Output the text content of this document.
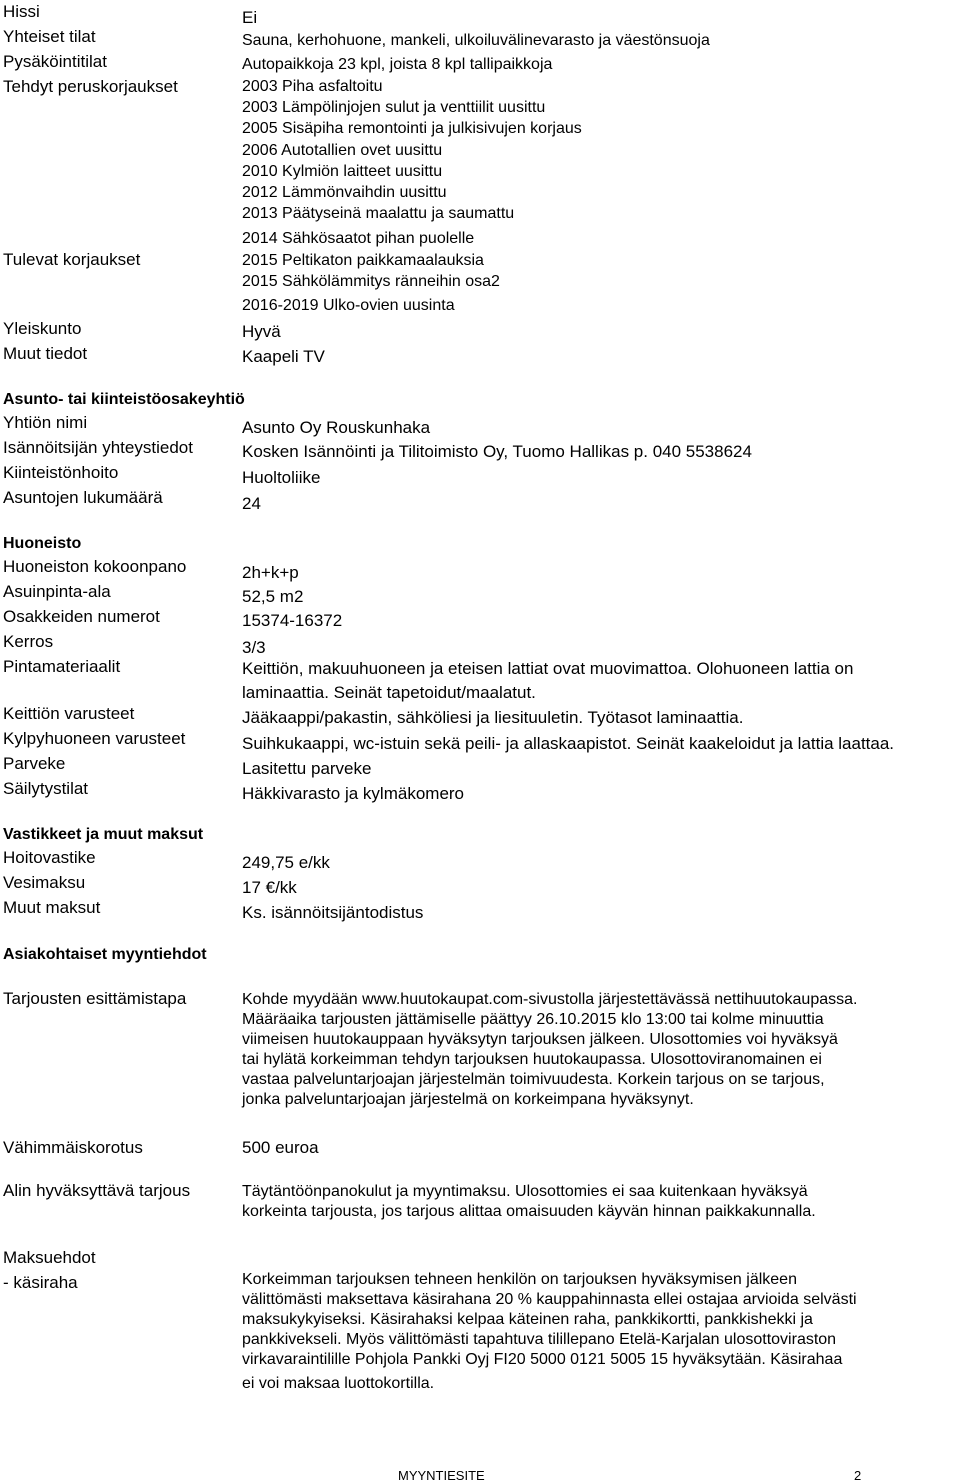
Hissi	Ei
Yhteiset tilat	Sauna, kerhohuone, mankeli, ulkoiluvälinevarasto ja väestönsuoja
Pysäköintitilat	Autopaikkoja 23 kpl, joista 8 kpl tallipaikkoja
Tehdyt peruskorjaukset	2003 Piha asfaltoitu
2003 Lämpölinjojen sulut ja venttiilit uusittu
2005 Sisäpiha remontointi ja julkisivujen korjaus
2006 Autotallien ovet uusittu
2010 Kylmiön laitteet uusittu
2012 Lämmönvaihdin uusittu
2013 Päätyseinä maalattu ja saumattu
2014 Sähkösaatot pihan puolelle
Tulevat korjaukset	2015 Peltikaton paikkamaalauksia
2015 Sähkölämmitys ränneihin osa2
2016-2019 Ulko-ovien uusinta
Yleiskunto	Hyvä
Muut tiedot	Kaapeli TV
Asunto- tai kiinteistöosakeyhtiö
Yhtiön nimi	Asunto Oy Rouskunhaka
Isännöitsijän yhteystiedot	Kosken Isännöinti ja Tilitoimisto Oy, Tuomo Hallikas p. 040 5538624
Kiinteistönhoito	Huoltoliike
Asuntojen lukumäärä	24
Huoneisto
Huoneiston kokoonpano	2h+k+p
Asuinpinta-ala	52,5 m2
Osakkeiden numerot	15374-16372
Kerros	3/3
Pintamateriaalit	Keittiön, makuuhuoneen ja eteisen lattiat ovat muovimattoa. Olohuoneen lattia on
laminaattia. Seinät tapetoidut/maalatut.
Keittiön varusteet	Jääkaappi/pakastin, sähköliesi ja liesituuletin. Työtasot laminaattia.
Kylpyhuoneen varusteet	Suihkukaappi, wc-istuin sekä peili- ja allaskaapistot. Seinät kaakeloidut ja lattia laattaa.
Parveke	Lasitettu parveke
Säilytystilat	Häkkivarasto ja kylmäkomero
Vastikkeet ja muut maksut
Hoitovastike	249,75 e/kk
Vesimaksu	17 €/kk
Muut maksut	Ks. isännöitsijäntodistus
Asiakohtaiset myyntiehdot
Tarjousten esittämistapa	Kohde myydään www.huutokaupat.com-sivustolla järjestettävässä nettihuutokaupassa.
Määräaika tarjousten jättämiselle päättyy 26.10.2015 klo 13:00 tai kolme minuuttia
viimeisen huutokauppaan hyväksytyn tarjouksen jälkeen. Ulosottomies voi hyväksyä
tai hylätä korkeimman tehdyn tarjouksen huutokaupassa. Ulosottoviranomainen ei
vastaa palveluntarjoajan järjestelmän toimivuudesta. Korkein tarjous on se tarjous,
jonka palveluntarjoajan järjestelmä on korkeimpana hyväksynyt.
Vähimmäiskorotus	500 euroa
Alin hyväksyttävä tarjous	Täytäntöönpanokulut ja myyntimaksu. Ulosottomies ei saa kuitenkaan hyväksyä
korkeinta tarjousta, jos tarjous alittaa omaisuuden käyvän hinnan paikkakunnalla.
Maksuehdot
- käsiraha	Korkeimman tarjouksen tehneen henkilön on tarjouksen hyväksymisen jälkeen
välittömästi maksettava käsirahana 20 % kauppahinnasta ellei ostajaa arvioida selvästi
maksukykyiseksi. Käsirahaksi kelpaa käteinen raha, pankkikortti, pankkishekki ja
pankkivekseli. Myös välittömästi tapahtuva tilillepano Etelä-Karjalan ulosottoviraston
virkavaraintilille Pohjola Pankki Oyj FI20 5000 0121 5005 15 hyväksytään. Käsirahaa
ei voi maksaa luottokortilla.
MYYNTIESITE	2
